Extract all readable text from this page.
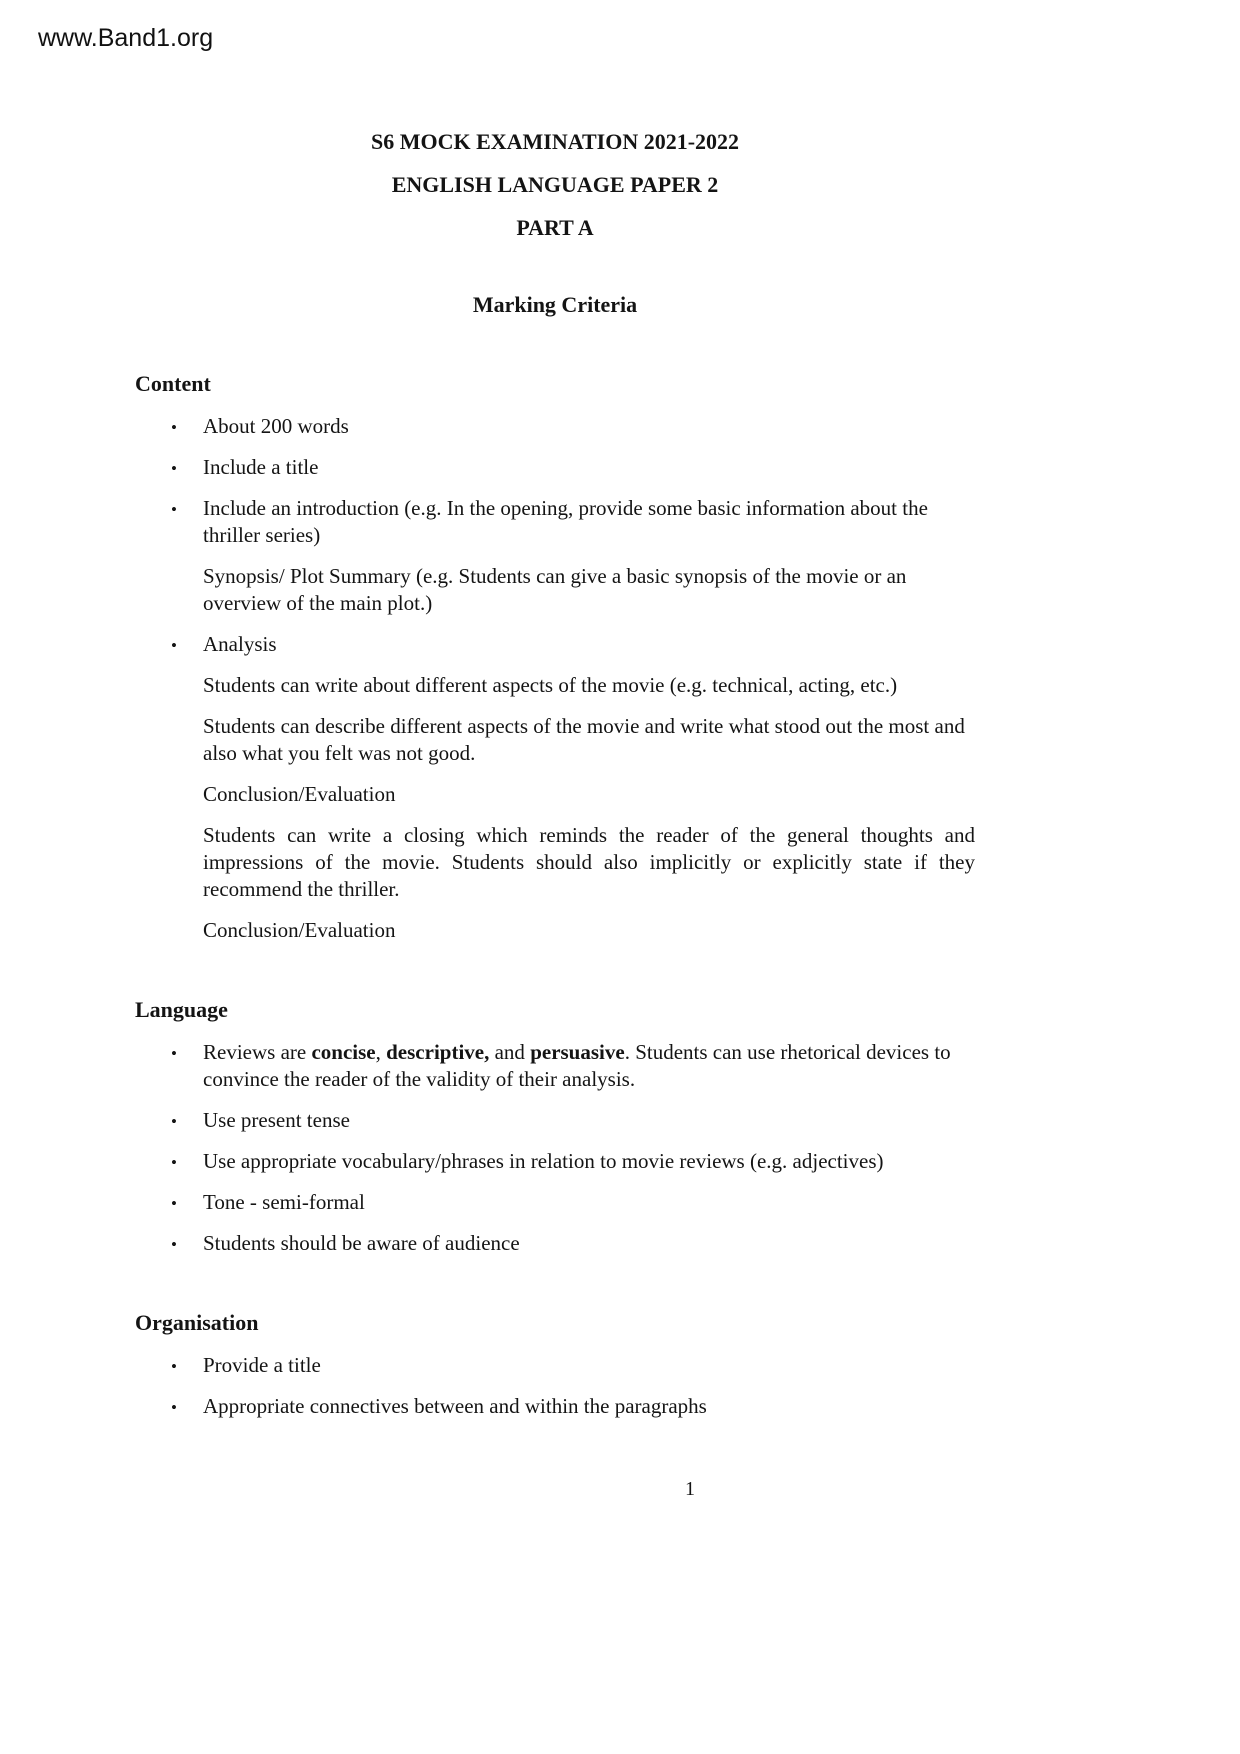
www.Band1.org
S6 MOCK EXAMINATION 2021-2022
ENGLISH LANGUAGE PAPER 2
PART A
Marking Criteria
Content
• About 200 words
• Include a title
• Include an introduction (e.g. In the opening, provide some basic information about the thriller series)
Synopsis/ Plot Summary (e.g. Students can give a basic synopsis of the movie or an overview of the main plot.)
• Analysis
Students can write about different aspects of the movie (e.g. technical, acting, etc.)
Students can describe different aspects of the movie and write what stood out the most and also what you felt was not good.
Conclusion/Evaluation
Students can write a closing which reminds the reader of the general thoughts and impressions of the movie. Students should also implicitly or explicitly state if they recommend the thriller.
Conclusion/Evaluation
Language
• Reviews are concise, descriptive, and persuasive. Students can use rhetorical devices to convince the reader of the validity of their analysis.
• Use present tense
• Use appropriate vocabulary/phrases in relation to movie reviews (e.g. adjectives)
• Tone - semi-formal
• Students should be aware of audience
Organisation
• Provide a title
• Appropriate connectives between and within the paragraphs
1
